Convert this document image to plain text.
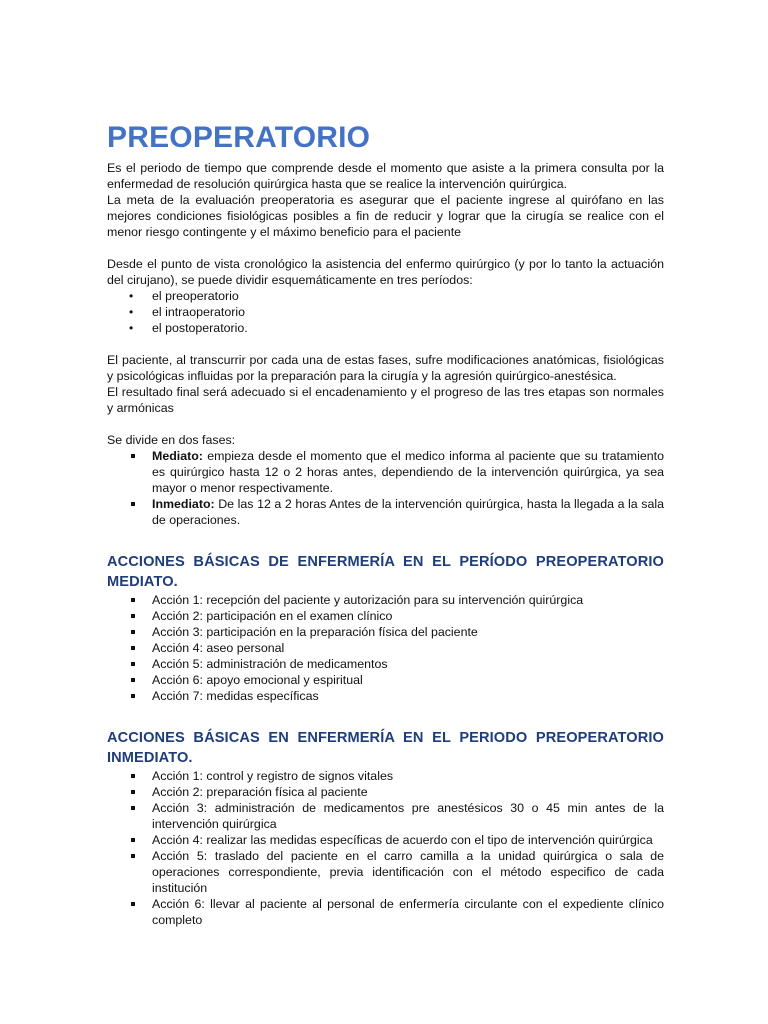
PREOPERATORIO

Es el periodo de tiempo que comprende desde el momento que asiste a la primera consulta por la enfermedad de resolución quirúrgica hasta que se realice la intervención quirúrgica.

La meta de la evaluación preoperatoria es asegurar que el paciente ingrese al quirófano en las mejores condiciones fisiológicas posibles a fin de reducir y lograr que la cirugía se realice con el menor riesgo contingente y el máximo beneficio para el paciente

Desde el punto de vista cronológico la asistencia del enfermo quirúrgico (y por lo tanto la actuación del cirujano), se puede dividir esquemáticamente en tres períodos:

• el preoperatorio
• el intraoperatorio
• el postoperatorio.

El paciente, al transcurrir por cada una de estas fases, sufre modificaciones anatómicas, fisiológicas y psicológicas influidas por la preparación para la cirugía y la agresión quirúrgico-anestésica.

El resultado final será adecuado si el encadenamiento y el progreso de las tres etapas son normales y armónicas

Se divide en dos fases:

Mediato: empieza desde el momento que el medico informa al paciente que su tratamiento es quirúrgico hasta 12 o 2 horas antes, dependiendo de la intervención quirúrgica, ya sea mayor o menor respectivamente.
Inmediato: De las 12 a 2 horas Antes de la intervención quirúrgica, hasta la llegada a la sala de operaciones.
ACCIONES BÁSICAS DE ENFERMERÍA EN EL PERÍODO PREOPERATORIO MEDIATO.
Acción 1: recepción del paciente y autorización para su intervención quirúrgica
Acción 2: participación en el examen clínico
Acción 3: participación en la preparación física del paciente
Acción 4: aseo personal
Acción 5: administración de medicamentos
Acción 6: apoyo emocional y espiritual
Acción 7: medidas específicas
ACCIONES BÁSICAS EN ENFERMERÍA EN EL PERIODO PREOPERATORIO INMEDIATO.
Acción 1: control y registro de signos vitales
Acción 2: preparación física al paciente
Acción 3: administración de medicamentos pre anestésicos 30 o 45 min antes de la intervención quirúrgica
Acción 4: realizar las medidas específicas de acuerdo con el tipo de intervención quirúrgica
Acción 5: traslado del paciente en el carro camilla a la unidad quirúrgica o sala de operaciones correspondiente, previa identificación con el método especifico de cada institución
Acción 6: llevar al paciente al personal de enfermería circulante con el expediente clínico completo
